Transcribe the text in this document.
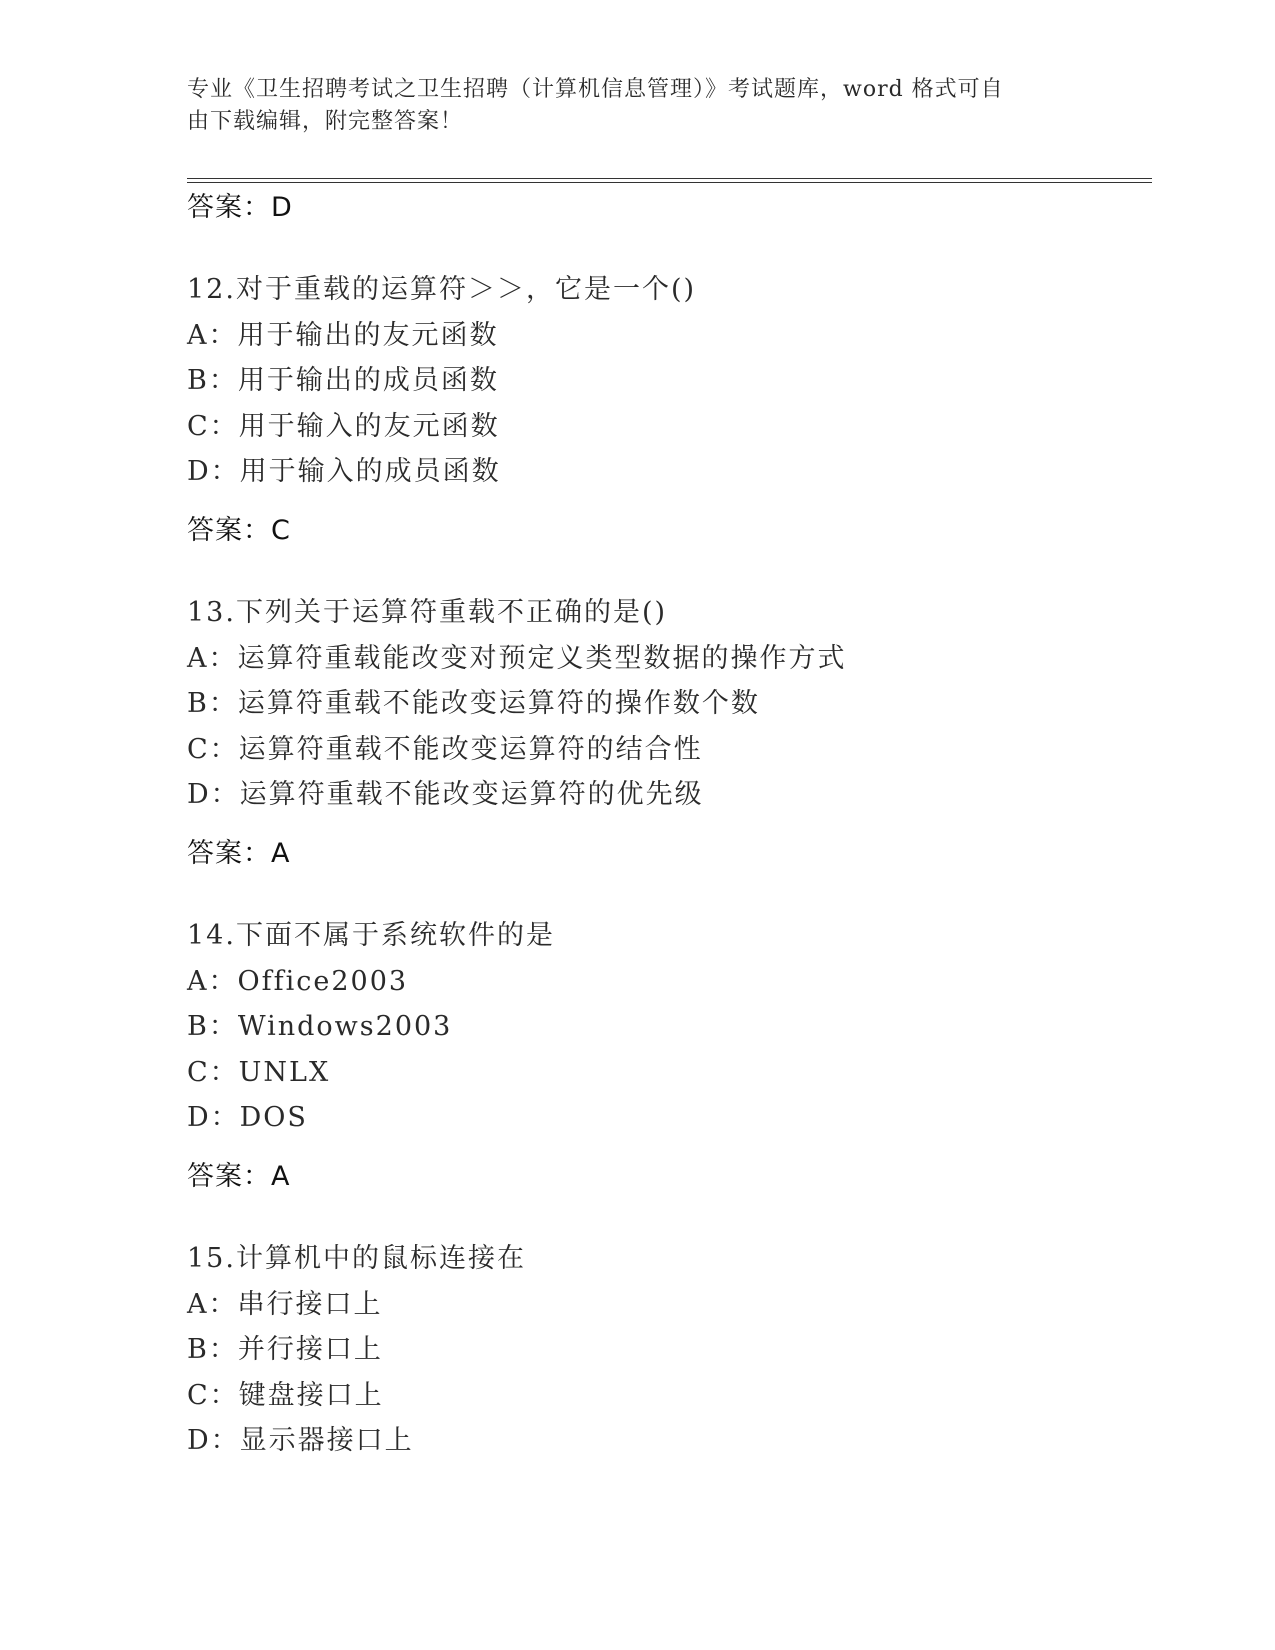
专业《卫生招聘考试之卫生招聘（计算机信息管理）》考试题库，word 格式可自
由下载编辑，附完整答案！
答案：D
12.对于重载的运算符＞＞，它是一个()
A：用于输出的友元函数
B：用于输出的成员函数
C：用于输入的友元函数
D：用于输入的成员函数
答案：C
13.下列关于运算符重载不正确的是()
A：运算符重载能改变对预定义类型数据的操作方式
B：运算符重载不能改变运算符的操作数个数
C：运算符重载不能改变运算符的结合性
D：运算符重载不能改变运算符的优先级
答案：A
14.下面不属于系统软件的是
A：Office2003
B：Windows2003
C：UNLX
D：DOS
答案：A
15.计算机中的鼠标连接在
A：串行接口上
B：并行接口上
C：键盘接口上
D：显示器接口上
